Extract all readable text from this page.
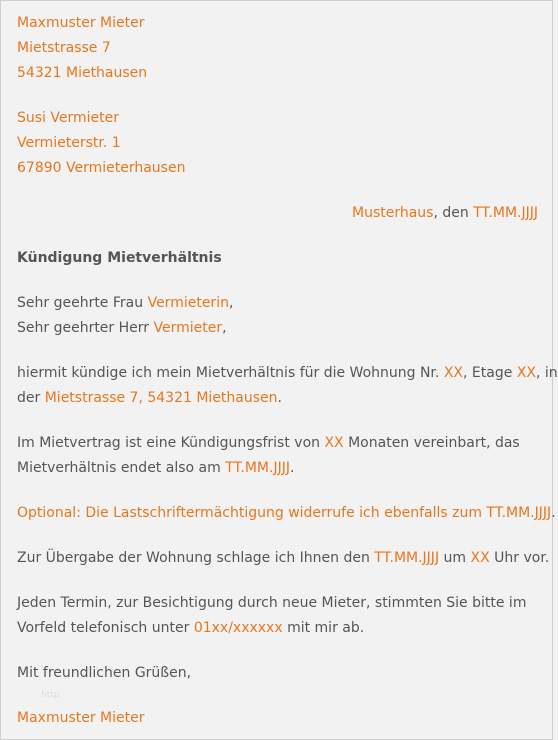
Maxmuster Mieter
Mietstrasse 7
54321 Miethausen
Susi Vermieter
Vermieterstr. 1
67890 Vermieterhausen
Musterhaus, den TT.MM.JJJJ
Kündigung Mietverhältnis
Sehr geehrte Frau Vermieterin,
Sehr geehrter Herr Vermieter,
hiermit kündige ich mein Mietverhältnis für die Wohnung Nr. XX, Etage XX, in
der Mietstrasse 7, 54321 Miethausen.
Im Mietvertrag ist eine Kündigungsfrist von XX Monaten vereinbart, das
Mietverhältnis endet also am TT.MM.JJJJ.
Optional: Die Lastschriftermächtigung widerrufe ich ebenfalls zum TT.MM.JJJJ.
Zur Übergabe der Wohnung schlage ich Ihnen den TT.MM.JJJJ um XX Uhr vor.
Jeden Termin, zur Besichtigung durch neue Mieter, stimmten Sie bitte im
Vorfeld telefonisch unter 01xx/xxxxxx mit mir ab.
Mit freundlichen Grüßen,
http
Maxmuster Mieter
